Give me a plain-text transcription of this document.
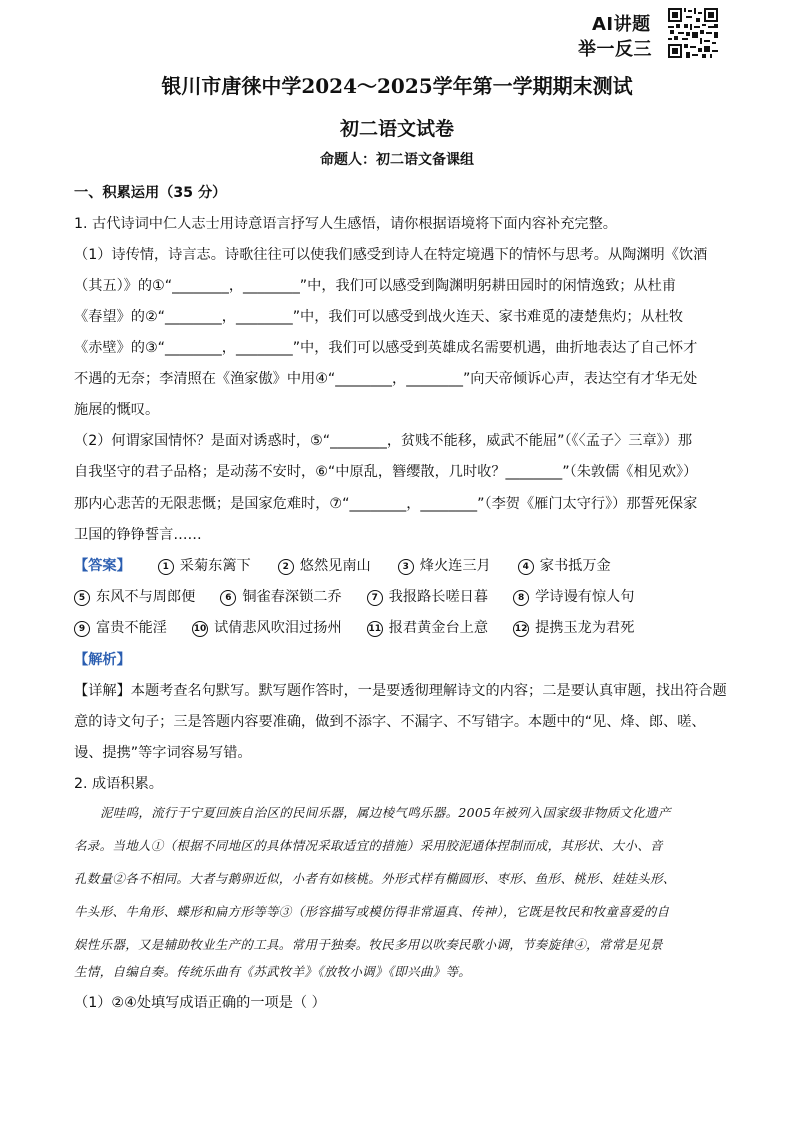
AI讲题
举一反三
银川市唐徕中学2024～2025学年第一学期期末测试
初二语文试卷
命题人：初二语文备课组
一、积累运用（35 分）
1. 古代诗词中仁人志士用诗意语言抒写人生感悟，请你根据语境将下面内容补充完整。
（1）诗传情，诗言志。诗歌往往可以使我们感受到诗人在特定境遇下的情怀与思考。从陶渊明《饮酒
（其五）》的①“________，________”中，我们可以感受到陶渊明躬耕田园时的闲情逸致；从杜甫
《春望》的②“________，________”中，我们可以感受到战火连天、家书难觅的凄楚焦灼；从杜牧
《赤壁》的③“________，________”中，我们可以感受到英雄成名需要机遇，曲折地表达了自己怀才
不遇的无奈；李清照在《渔家傲》中用④“________，________”向天帝倾诉心声，表达空有才华无处
施展的慨叹。
（2）何谓家国情怀？是面对诱惑时，⑤“________，贫贱不能移，威武不能屈”（《〈孟子〉三章》）那
自我坚守的君子品格；是动荡不安时，⑥“中原乱，簪缨散，几时收？________”（朱敦儒《相见欢》）
那内心悲苦的无限悲慨；是国家危难时，⑦“________，________”（李贺《雁门太守行》）那誓死保家
卫国的铮铮誓言……
【答案】	1 采菊东篱下	2 悠然见南山	3 烽火连三月	4 家书抵万金
5 东风不与周郎便	6 铜雀春深锁二乔	7 我报路长嗟日暮	8 学诗谩有惊人句
9 富贵不能淫	10 试倩悲风吹泪过扬州	11 报君黄金台上意	12 提携玉龙为君死
【解析】
【详解】本题考查名句默写。默写题作答时，一是要透彻理解诗文的内容；二是要认真审题，找出符合题
意的诗文句子；三是答题内容要准确，做到不添字、不漏字、不写错字。本题中的“见、烽、郎、嗟、
谩、提携”等字词容易写错。
2. 成语积累。
泥哇呜，流行于宁夏回族自治区的民间乐器，属边棱气鸣乐器。2005年被列入国家级非物质文化遗产
名录。当地人①（根据不同地区的具体情况采取适宜的措施）采用胶泥通体捏制而成，其形状、大小、音
孔数量②各不相同。大者与鹅卵近似，小者有如核桃。外形式样有椭圆形、枣形、鱼形、桃形、娃娃头形、
牛头形、牛角形、蝶形和扁方形等等③（形容描写或模仿得非常逼真、传神），它既是牧民和牧童喜爱的自
娱性乐器，又是辅助牧业生产的工具。常用于独奏。牧民多用以吹奏民歌小调，节奏旋律④，常常是见景
生情，自编自奏。传统乐曲有《苏武牧羊》《放牧小调》《即兴曲》等。
（1）②④处填写成语正确的一项是（ ）
